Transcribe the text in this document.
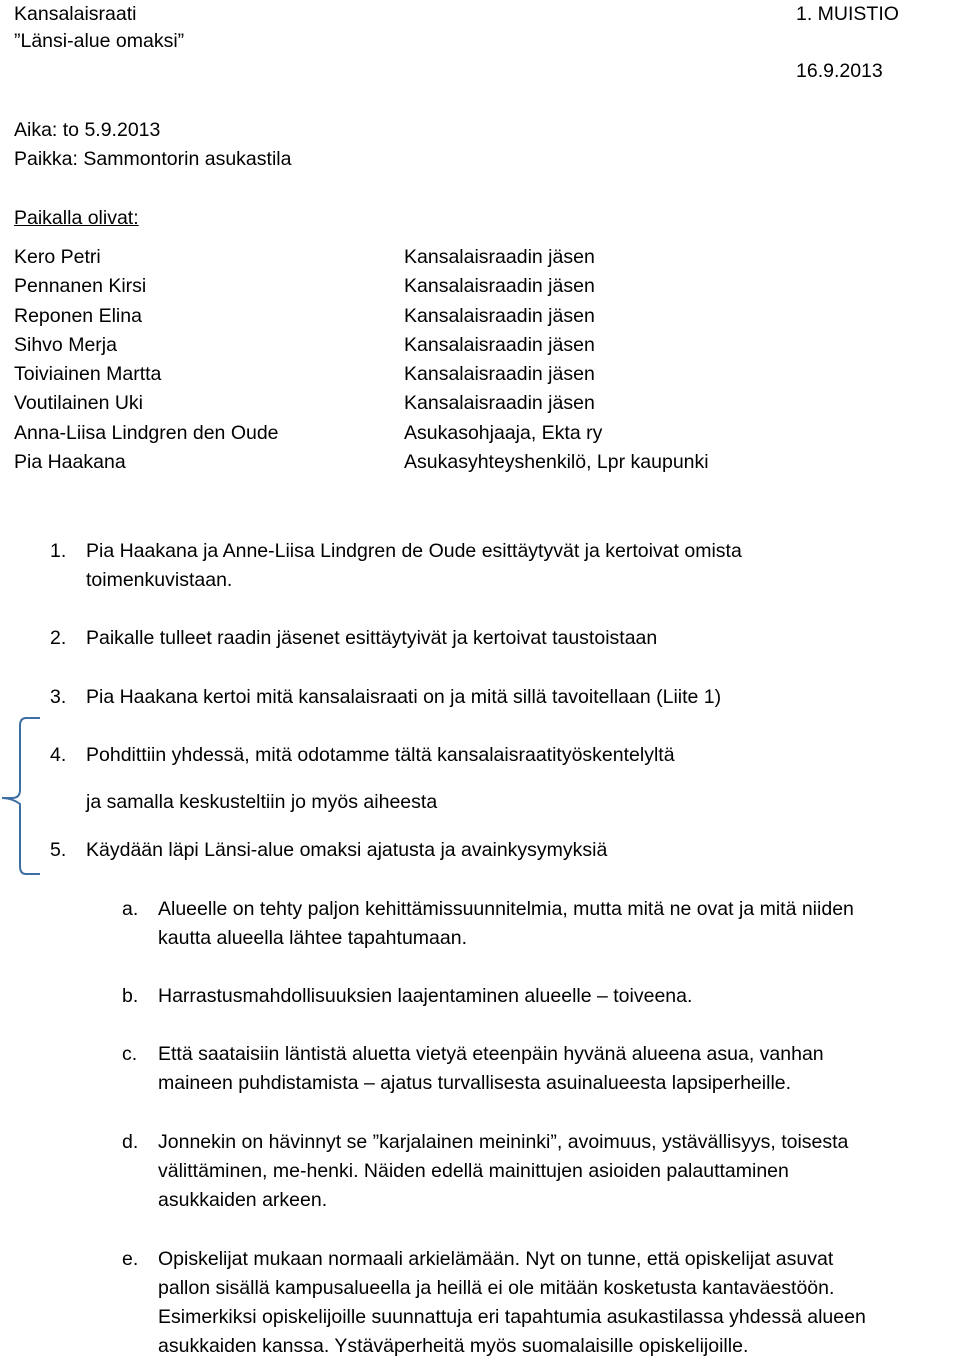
Kansalaisraati
”Länsi-alue omaksi”
1. MUISTIO
16.9.2013
Aika: to 5.9.2013
Paikka: Sammontorin asukastila
Paikalla olivat:
Kero Petri
Pennanen Kirsi
Reponen Elina
Sihvo Merja
Toiviainen Martta
Voutilainen Uki
Anna-Liisa Lindgren den Oude
Pia Haakana
Kansalaisraadin jäsen
Kansalaisraadin jäsen
Kansalaisraadin jäsen
Kansalaisraadin jäsen
Kansalaisraadin jäsen
Kansalaisraadin jäsen
Asukasohjaaja, Ekta ry
Asukasyhteyshenkilö, Lpr kaupunki
1. Pia Haakana ja Anne-Liisa Lindgren de Oude esittäytyvät ja kertoivat omista
toimenkuvistaan.
2. Paikalle tulleet raadin jäsenet esittäytyivät ja kertoivat taustoistaan
3. Pia Haakana kertoi mitä kansalaisraati on ja mitä sillä tavoitellaan (Liite 1)
4. Pohdittiin yhdessä, mitä odotamme tältä kansalaisraatityöskentelyltä
ja samalla keskusteltiin jo myös aiheesta
5. Käydään läpi Länsi-alue omaksi ajatusta ja avainkysymyksiä
a. Alueelle on tehty paljon kehittämissuunnitelmia, mutta mitä ne ovat ja mitä niiden
kautta alueella lähtee tapahtumaan.
b. Harrastusmahdollisuuksien laajentaminen alueelle – toiveena.
c. Että saataisiin läntistä aluetta vietyä eteenpäin hyvänä alueena asua, vanhan
maineen puhdistamista – ajatus turvallisesta asuinalueesta lapsiperheille.
d. Jonnekin on hävinnyt se ”karjalainen meininki”, avoimuus, ystävällisyys, toisesta
välittäminen, me-henki. Näiden edellä mainittujen asioiden palauttaminen
asukkaiden arkeen.
e. Opiskelijat mukaan normaali arkielämään. Nyt on tunne, että opiskelijat asuvat
pallon sisällä kampusalueella ja heillä ei ole mitään kosketusta kantaväestöön.
Esimerkiksi opiskelijoille suunnattuja eri tapahtumia asukastilassa yhdessä alueen
asukkaiden kanssa. Ystäväperheitä myös suomalaisille opiskelijoille.
